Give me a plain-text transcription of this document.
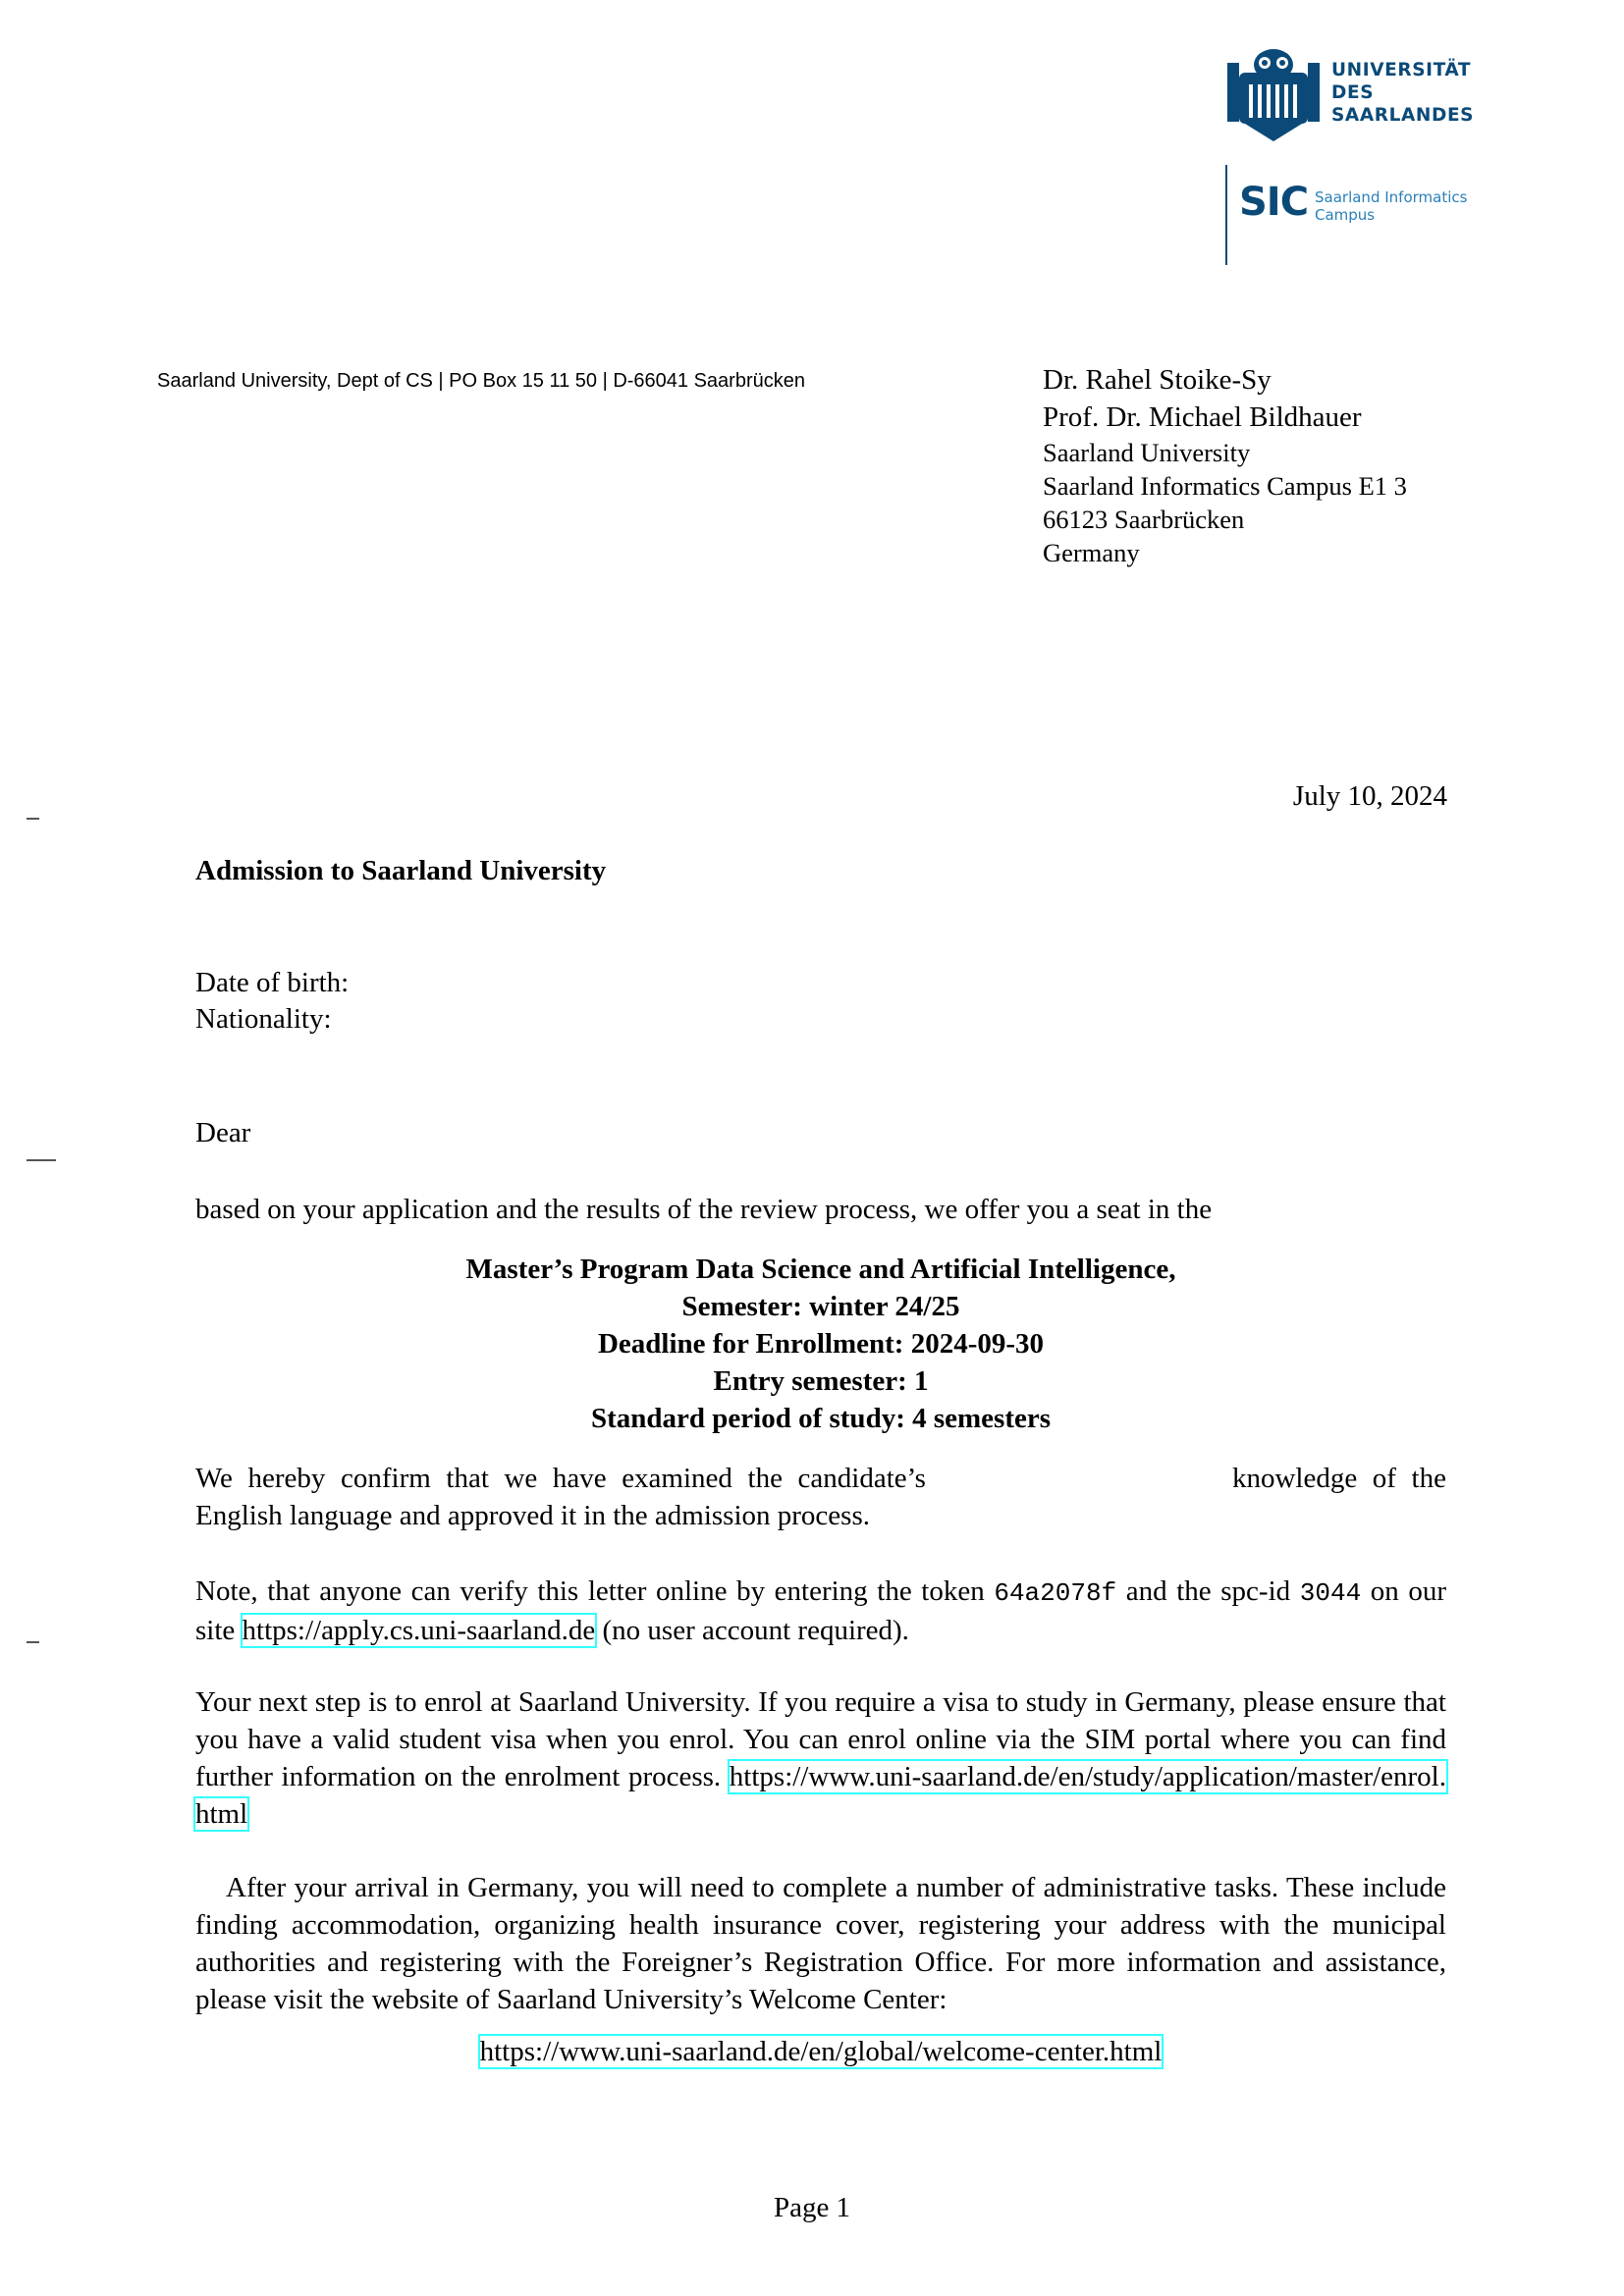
UNIVERSITÄT
DES
SAARLANDES
SIC Saarland Informatics
Campus
Saarland University, Dept of CS | PO Box 15 11 50 | D-66041 Saarbrücken	Dr. Rahel Stoike-Sy
Prof. Dr. Michael Bildhauer
Saarland University
Saarland Informatics Campus E1 3
66123 Saarbrücken
Germany
July 10, 2024
Admission to Saarland University
Date of birth:
Nationality:
Dear
based on your application and the results of the review process, we offer you a seat in the
Master’s Program Data Science and Artificial Intelligence,
Semester: winter 24/25
Deadline for Enrollment: 2024-09-30
Entry semester: 1
Standard period of study: 4 semesters
We hereby confirm that we have examined the candidate’s	knowledge of the English language and approved it in the admission process.
Note, that anyone can verify this letter online by entering the token 64a2078f and the spc-id 3044 on our site https://apply.cs.uni-saarland.de (no user account required).
Your next step is to enrol at Saarland University. If you require a visa to study in Germany, please ensure that you have a valid student visa when you enrol. You can enrol online via the SIM portal where you can find further information on the enrolment process. https://www.uni-saarland.de/en/study/application/master/enrol.html
After your arrival in Germany, you will need to complete a number of administrative tasks. These include finding accommodation, organizing health insurance cover, registering your address with the municipal authorities and registering with the Foreigner’s Registration Office. For more information and assistance, please visit the website of Saarland University’s Welcome Center:
https://www.uni-saarland.de/en/global/welcome-center.html
Page 1
